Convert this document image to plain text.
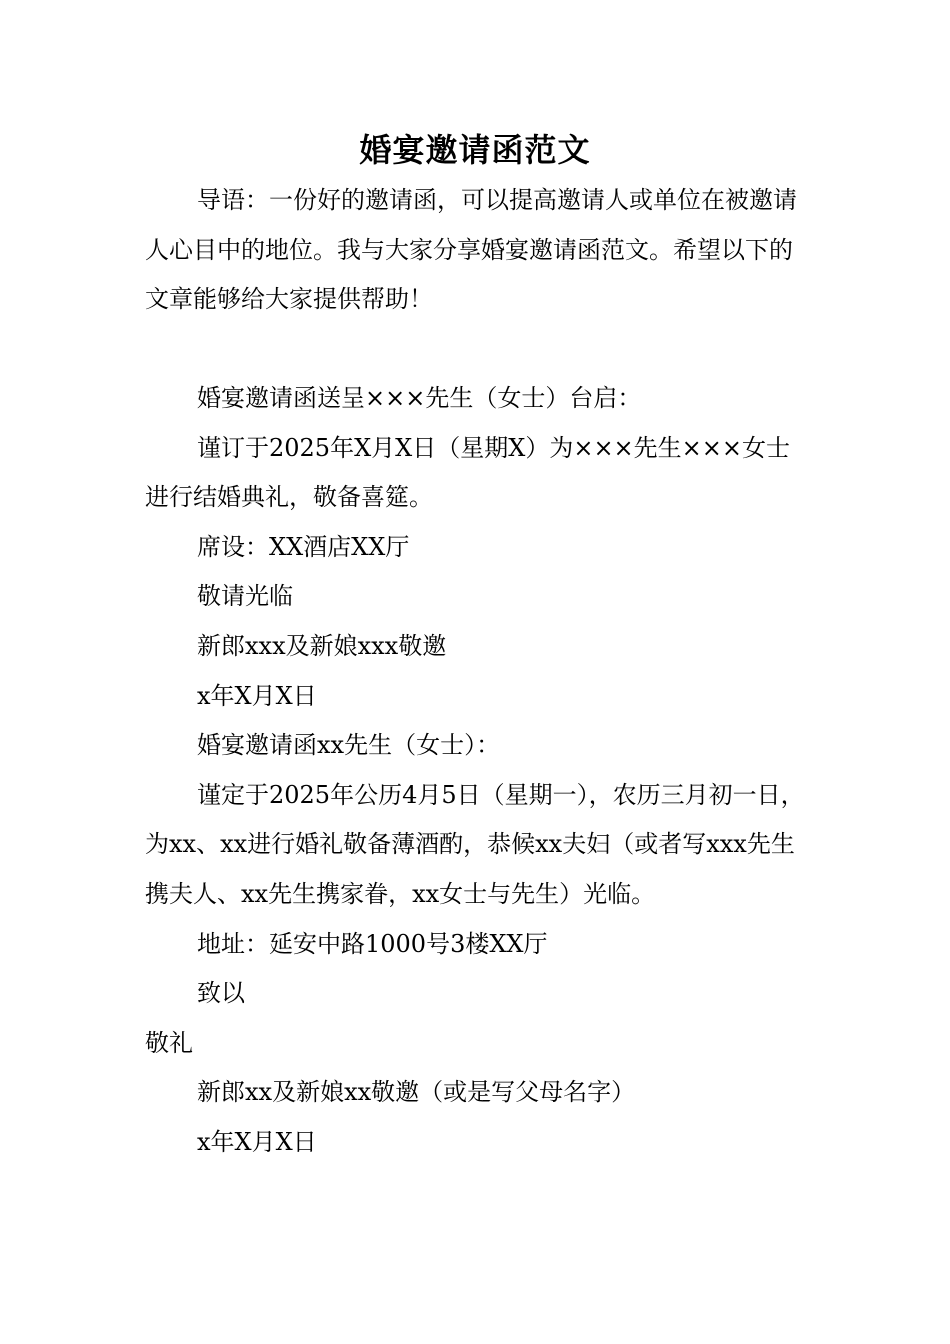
婚宴邀请函范文

导语：一份好的邀请函，可以提高邀请人或单位在被邀请人心目中的地位。我与大家分享婚宴邀请函范文。希望以下的文章能够给大家提供帮助！

婚宴邀请函送呈×××先生（女士）台启：

谨订于2025年X月X日（星期X）为×××先生×××女士进行结婚典礼，敬备喜筵。

席设：XX酒店XX厅

敬请光临

新郎xxx及新娘xxx敬邀

x年X月X日

婚宴邀请函xx先生（女士）：

谨定于2025年公历4月5日（星期一），农历三月初一日，为xx、xx进行婚礼敬备薄酒酌，恭候xx夫妇（或者写xxx先生携夫人、xx先生携家眷，xx女士与先生）光临。

地址：延安中路1000号3楼XX厅

致以

敬礼

新郎xx及新娘xx敬邀（或是写父母名字）

x年X月X日
